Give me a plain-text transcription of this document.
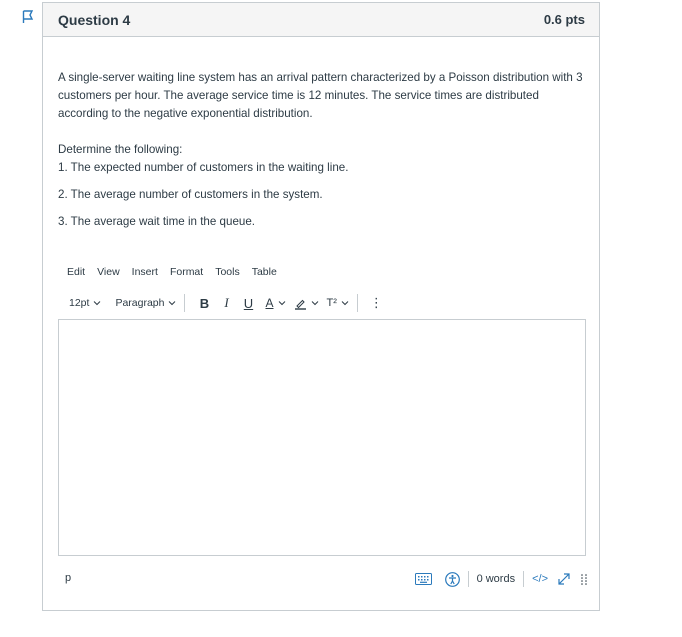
Question 4	0.6 pts

A single-server waiting line system has an arrival pattern characterized by a Poisson distribution with 3 customers per hour. The average service time is 12 minutes. The service times are distributed according to the negative exponential distribution.

Determine the following:

1. The expected number of customers in the waiting line.

2. The average number of customers in the system.

3. The average wait time in the queue.

Edit	View	Insert	Format	Tools	Table
12pt Paragraph	B	I	U	A	T²	⋮
p	0 words </>
